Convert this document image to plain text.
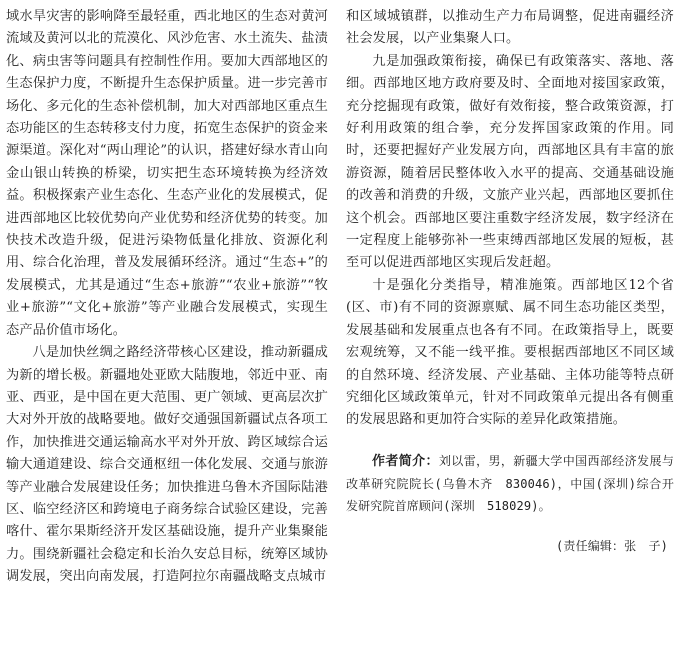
域水旱灾害的影响降至最轻重，西北地区的生态对黄河流域及黄河以北的荒漠化、风沙危害、水土流失、盐渍化、病虫害等问题具有控制性作用。要加大西部地区的生态保护力度，不断提升生态保护质量。进一步完善市场化、多元化的生态补偿机制，加大对西部地区重点生态功能区的生态转移支付力度，拓宽生态保护的资金来源渠道。深化对“两山理论”的认识，搭建好绿水青山向金山银山转换的桥梁，切实把生态环境转换为经济效益。积极探索产业生态化、生态产业化的发展模式，促进西部地区比较优势向产业优势和经济优势的转变。加快技术改造升级，促进污染物低量化排放、资源化利用、综合化治理，普及发展循环经济。通过“生态+”的发展模式，尤其是通过“生态+旅游”“农业+旅游”“牧业+旅游”“文化+旅游”等产业融合发展模式，实现生态产品价值市场化。

八是加快丝绸之路经济带核心区建设，推动新疆成为新的增长极。新疆地处亚欧大陆腹地，邻近中亚、南亚、西亚，是中国在更大范围、更广领域、更高层次扩大对外开放的战略要地。做好交通强国新疆试点各项工作，加快推进交通运输高水平对外开放、跨区域综合运输大通道建设、综合交通枢纽一体化发展、交通与旅游等产业融合发展建设任务；加快推进乌鲁木齐国际陆港区、临空经济区和跨境电子商务综合试验区建设，完善喀什、霍尔果斯经济开发区基础设施，提升产业集聚能力。围绕新疆社会稳定和长治久安总目标，统筹区域协调发展，突出向南发展，打造阿拉尔南疆战略支点城市

和区域城镇群，以推动生产力布局调整，促进南疆经济社会发展，以产业集聚人口。

九是加强政策衔接，确保已有政策落实、落地、落细。西部地区地方政府要及时、全面地对接国家政策，充分挖掘现有政策，做好有效衔接，整合政策资源，打好利用政策的组合拳，充分发挥国家政策的作用。同时，还要把握好产业发展方向，西部地区具有丰富的旅游资源，随着居民整体收入水平的提高、交通基础设施的改善和消费的升级，文旅产业兴起，西部地区要抓住这个机会。西部地区要注重数字经济发展，数字经济在一定程度上能够弥补一些束缚西部地区发展的短板，甚至可以促进西部地区实现后发赶超。

十是强化分类指导，精准施策。西部地区12个省(区、市)有不同的资源禀赋、属不同生态功能区类型，发展基础和发展重点也各有不同。在政策指导上，既要宏观统筹，又不能一线平推。要根据西部地区不同区域的自然环境、经济发展、产业基础、主体功能等特点研究细化区域政策单元，针对不同政策单元提出各有侧重的发展思路和更加符合实际的差异化政策措施。

作者简介：刘以雷，男，新疆大学中国西部经济发展与改革研究院院长(乌鲁木齐　830046)，中国(深圳)综合开发研究院首席顾问(深圳　518029)。
(责任编辑：张　子)
